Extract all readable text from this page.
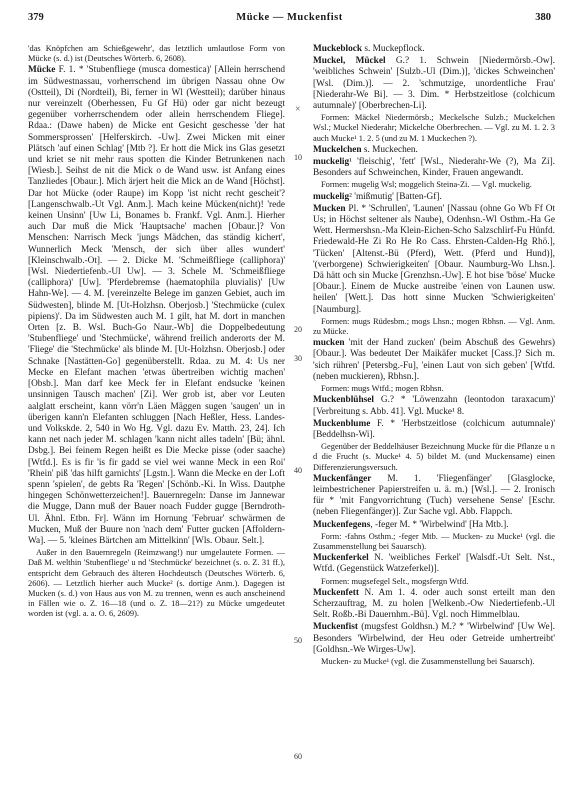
379	Mücke — Muckenfist	380

'das Knöpfchen am Schießgewehr', das letztlich umlautlose Form von Mücke (s. d.) ist (Deutsches Wörterb. 6, 2608).

Mücke F. 1. * 'Stubenfliege (musca domestica)' [Allein herrschend im Südwestnassau, vorherrschend im übrigen Nassau ohne Ow (Ostteil), Di (Nordteil), Bi, ferner in Wl (Westteil); darüber hinaus nur vereinzelt (Oberhessen, Fu Gf Hü) oder gar nicht bezeugt gegenüber vorherrschendem oder allein herrschendem Fliege]. Rdaa.: (Dawe haben) de Micke ent Gesicht geschesse 'der hat Sommersprossen' [Helferskirch. -Uw]. Zwei Micken mit einer Plätsch 'auf einen Schlag' [Mtb ?]. Er hott die Mick ins Glas gesetzt und kriet se nit mehr raus spotten die Kinder Betrunkenen nach [Wiesb.]. Seihst de nit die Mick o de Wand usw. ist Anfang eines Tanzliedes [Obaur.]. Mich ärjert heit die Mick an de Wand [Höchst]. Dar hot Mücke (oder Raupe) im Kopp 'ist nicht recht gescheit'? [Langenschwalb.-Ut Vgl. Anm.]. Mach keine Mücken(nicht)! 'rede keinen Unsinn' [Uw Li, Bonames b. Frankf. Vgl. Anm.]. Hierher auch Dar muß die Mick 'Hauptsache' machen [Obaur.]? Von Menschen: Narrisch Meck 'jungs Mädchen, das ständig kichert', Wunnerlich Meck 'Mensch, der sich über alles wundert' [Kleinschwalb.-Ot]. — 2. Dicke M. 'Schmeißfliege (calliphora)' [Wsl. Niedertiefenb.-Ul Uw]. — 3. Schele M. 'Schmeißfliege (calliphora)' [Uw]. 'Pferdebremse (haematophila pluvialis)' [Uw Hahn-We]. — 4. M. [vereinzelte Belege im ganzen Gebiet, auch im Südwesten], blinde M. [Ut-Holzhsn. Oberjosb.] 'Stechmücke (culex pipiens)'. Da im Südwesten auch M. 1 gilt, hat M. dort in manchen Orten [z. B. Wsl. Buch-Go Naur.-Wb] die Doppelbedeutung 'Stubenfliege' und 'Stechmücke', während freilich anderorts der M. 'Fliege' die 'Stechmücke' als blinde M. [Ut-Holzhsn. Oberjosb.] oder Schnake [Nastätten-Go] gegenüberstellt. Rdaa. zu M. 4: Us ner Mecke en Elefant machen 'etwas übertreiben wichtig machen' [Obsb.]. Man darf kee Meck fer in Elefant endsucke 'keinen unsinnigen Tausch machen' [Zi]. Wer grob ist, aber vor Leuten aalglatt erscheint, kann vörr'n Läen Mäggen sugen 'saugen' un in überigen kann'n Elefanten schluggen [Nach Heßler, Hess. Landes- und Volkskde. 2, 540 in Wo Hg. Vgl. dazu Ev. Matth. 23, 24]. Ich kann net nach jeder M. schlagen 'kann nicht alles tadeln' [Bü; ähnl. Dsbg.]. Bei feinem Regen heißt es Die Mecke pisse (oder saache) [Wtfd.]. Es is fir 'is fir gadd se viel wei wanne Meck in een Roi' 'Rhein' piß 'das hilft garnichts' [Lgstn.]. Wann die Mecke en der Loft spenn 'spielen', de gebts Ra 'Regen' [Schönb.-Ki. In Wiss. Dautphe hingegen Schönwetterzeichen!]. Bauernregeln: Danse im Jannewar die Mugge, Dann muß der Bauer noach Fudder gugge [Berndroth-Ul. Ähnl. Etbn. Fr]. Wänn im Hornung 'Februar' schwärmen de Mucken, Muß der Buure non 'nach dem' Futter gucken [Affoldern-Wa]. — 5. 'kleines Bärtchen am Mittelkinn' [Wls. Obaur. Selt.].

Außer in den Bauernregeln (Reimzwang!) nur umgelautete Formen. — Daß M. welthin 'Stubenfliege' u nd 'Stechmücke' bezeichnet (s. o. Z. 31 ff.), entspricht dem Gebrauch des älteren Hochdeutsch (Deutsches Wörterb. 6, 2606). — Letztlich hierher auch Mucke² (s. dortige Anm.). Dagegen ist Mucken (s. d.) von Haus aus von M. zu trennen, wenn es auch anscheinend in Fällen wie o. Z. 16—18 (und o. Z. 18—21?) zu Mücke umgedeutet worden ist (vgl. a. a. O. 6, 2609).

Muckeblock s. Muckepflock.

Muckel, Mückel G.? 1. Schwein [Niedermörsb.-Ow]. 'weibliches Schwein' [Sulzb.-Ul (Dim.)], 'dickes Schweinchen' [Wsl. (Dim.)]. — 2. 'schmutzige, unordentliche Frau' [Niederahr-We Bi]. — 3. Dim. * Herbstzeitlose (colchicum autumnale)' [Oberbrechen-Li].

Formen: Mäckel Niedermörsb.; Meckelsche Sulzb.; Muckelchen Wsl.; Muckel Niederahr; Mickelche Oberbrechen. — Vgl. zu M. 1. 2. 3 auch Mucke¹ 1. 2. 5 (und zu M. 1 Muckechen ?).

Muckelchen s. Muckechen.

muckelig¹ 'fleischig', 'fett' [Wsl., Niederahr-We (?), Ma Zi]. Besonders auf Schweinchen, Kinder, Frauen angewandt.

Formen: mugelig Wsl; moggelich Steina-Zi. — Vgl. muckelig.

muckelig² 'mißmutig' [Batten-Gf].

Mucken Pl. * 'Schrullen', 'Launen' [Nassau (ohne Go Wb Ff Ot Us; in Höchst seltener als Naube), Odenhsn.-Wl Osthm.-Ha Ge Wett. Hermershsn.-Ma Klein-Eichen-Scho Salzschlirf-Fu Hünfd. Friedewald-He Zi Ro He Ro Cass. Ehrsten-Calden-Hg Rhö.], 'Tücken' [Altenst.-Bü (Pferd), Wett. (Pferd und Hund)], '(verborgene) Schwierigkeiten' [Obaur. Naumburg-Wo Lhsn.]. Dä hätt och sin Mucke [Grenzhsn.-Uw]. E hot bise 'böse' Mucke [Obaur.]. Einem de Mucke austreibe 'einen von Launen usw. heilen' [Wett.]. Das hott sinne Mucken 'Schwierigkeiten' [Naumburg].

Formen: mugs Rüdesbm.; mogs Lhsn.; mogen Rbhsn. — Vgl. Anm. zu Mücke.

mucken 'mit der Hand zucken' (beim Abschuß des Gewehrs) [Obaur.]. Was bedeutet Der Maikäfer mucket [Cass.]? Sich m. 'sich rühren' [Petersbg.-Fu], 'einen Laut von sich geben' [Wtfd. (neben muckieren), Rbhsn.].

Formen: mugs Wtfd.; mogen Rbhsn.

Muckenblühsel G.? * 'Löwenzahn (leontodon taraxacum)' [Verbreitung s. Abb. 41]. Vgl. Mucke¹ 8.

Muckenblume F. * 'Herbstzeitlose (colchicum autumnale)' [Beddelhsn-Wi].

Gegenüber der Beddelhäuser Bezeichnung Mucke für die Pflanze u n d die Frucht (s. Mucke¹ 4. 5) bildet M. (und Muckensame) einen Differenzierungsversuch.

Muckenfänger M. 1. 'Fliegenfänger' [Glasglocke, leimbestrichener Papierstreifen u. ä. m.) [Wsl.]. — 2. Ironisch für * 'mit Fangvorrichtung (Tuch) versehene Sense' [Eschr. (neben Fliegenfänger)]. Zur Sache vgl. Abb. Flappch.

Muckenfegens, -feger M. * 'Wirbelwind' [Ha Mtb.].

Form: -fahns Osthm.; -feger Mtb. — Mucken- zu Mucke¹ (vgl. die Zusammenstellung bei Sauarsch).

Muckenferkel N. 'weibliches Ferkel' [Walsdf.-Ut Selt. Nst., Wtfd. (Gegenstück Watzeferkel)].

Formen: mugsefegel Selt., mogsfergn Wtfd.

Muckenfett N. Am 1. 4. oder auch sonst erteilt man den Scherzauftrag, M. zu holen [Welkenb.-Ow Niedertiefenb.-Ul Selt. Roßb.-Bi Dauernhm.-Bü]. Vgl. noch Himmelblau.

Muckenfist (mugsfest Goldhsn.) M.? * 'Wirbelwind' [Uw We]. Besonders 'Wirbelwind, der Heu oder Getreide umhertreibt' [Goldhsn.-We Wirges-Uw].

Mucken- zu Mucke¹ (vgl. die Zusammenstellung bei Sauarsch).

×
10
20
30
40
50
60
